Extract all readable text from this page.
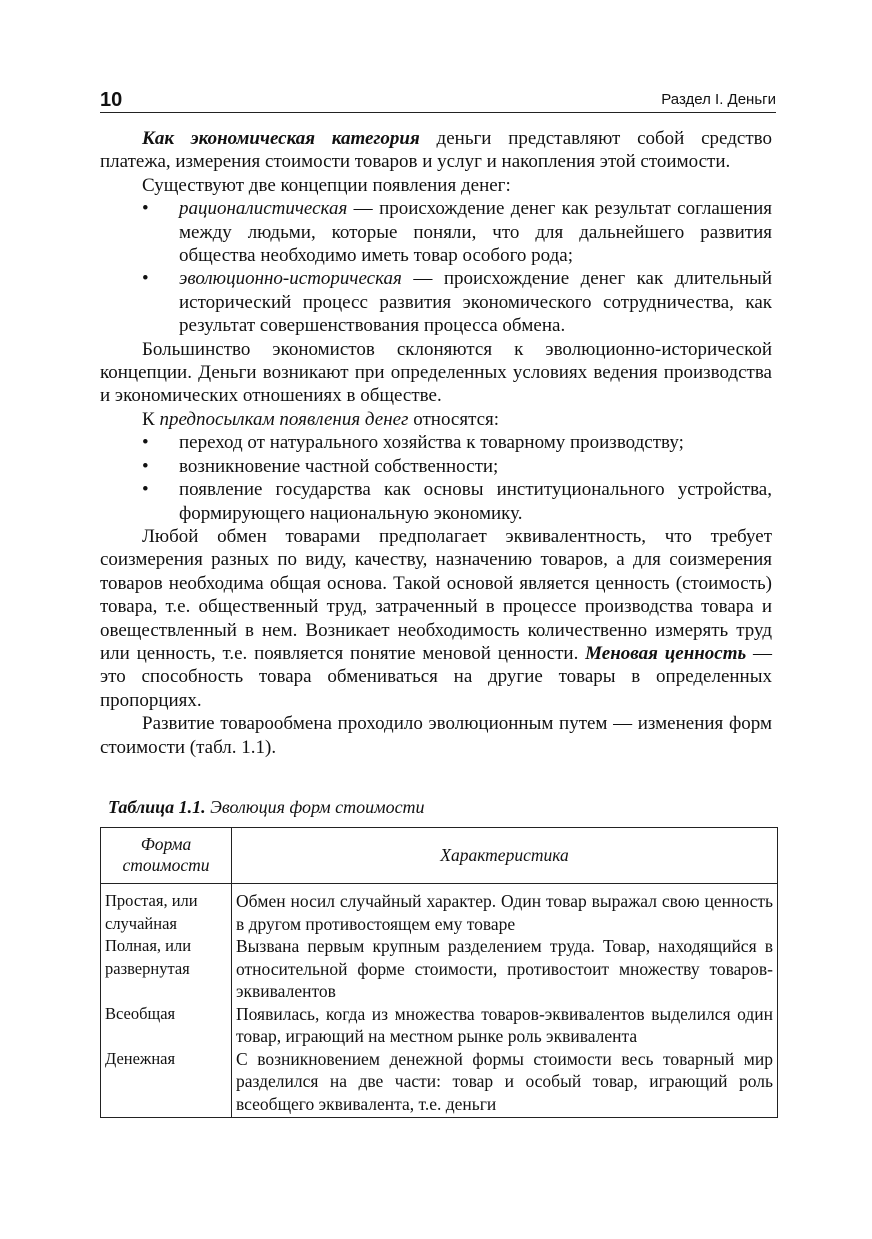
10	Раздел I. Деньги

Как экономическая категория деньги представляют собой средство платежа, измерения стоимости товаров и услуг и накопления этой стоимости.

Существуют две концепции появления денег:

• рационалистическая — происхождение денег как результат соглашения между людьми, которые поняли, что для дальнейшего развития общества необходимо иметь товар особого рода;
• эволюционно-историческая — происхождение денег как длительный исторический процесс развития экономического сотрудничества, как результат совершенствования процесса обмена.

Большинство экономистов склоняются к эволюционно-исторической концепции. Деньги возникают при определенных условиях ведения производства и экономических отношениях в обществе.

К предпосылкам появления денег относятся:

• переход от натурального хозяйства к товарному производству;
• возникновение частной собственности;
• появление государства как основы институционального устройства, формирующего национальную экономику.

Любой обмен товарами предполагает эквивалентность, что требует соизмерения разных по виду, качеству, назначению товаров, а для соизмерения товаров необходима общая основа. Такой основой является ценность (стоимость) товара, т.е. общественный труд, затраченный в процессе производства товара и овеществленный в нем. Возникает необходимость количественно измерять труд или ценность, т.е. появляется понятие меновой ценности. Меновая ценность — это способность товара обмениваться на другие товары в определенных пропорциях.

Развитие товарообмена проходило эволюционным путем — изменения форм стоимости (табл. 1.1).

Таблица 1.1. Эволюция форм стоимости
Форма стоимости	Характеристика
Простая, или случайная	Обмен носил случайный характер. Один товар выражал свою ценность в другом противостоящем ему товаре
Полная, или развернутая	Вызвана первым крупным разделением труда. Товар, находящийся в относительной форме стоимости, противостоит множеству товаров-эквивалентов
Всеобщая	Появилась, когда из множества товаров-эквивалентов выделился один товар, играющий на местном рынке роль эквивалента
Денежная	С возникновением денежной формы стоимости весь товарный мир разделился на две части: товар и особый товар, играющий роль всеобщего эквивалента, т.е. деньги
